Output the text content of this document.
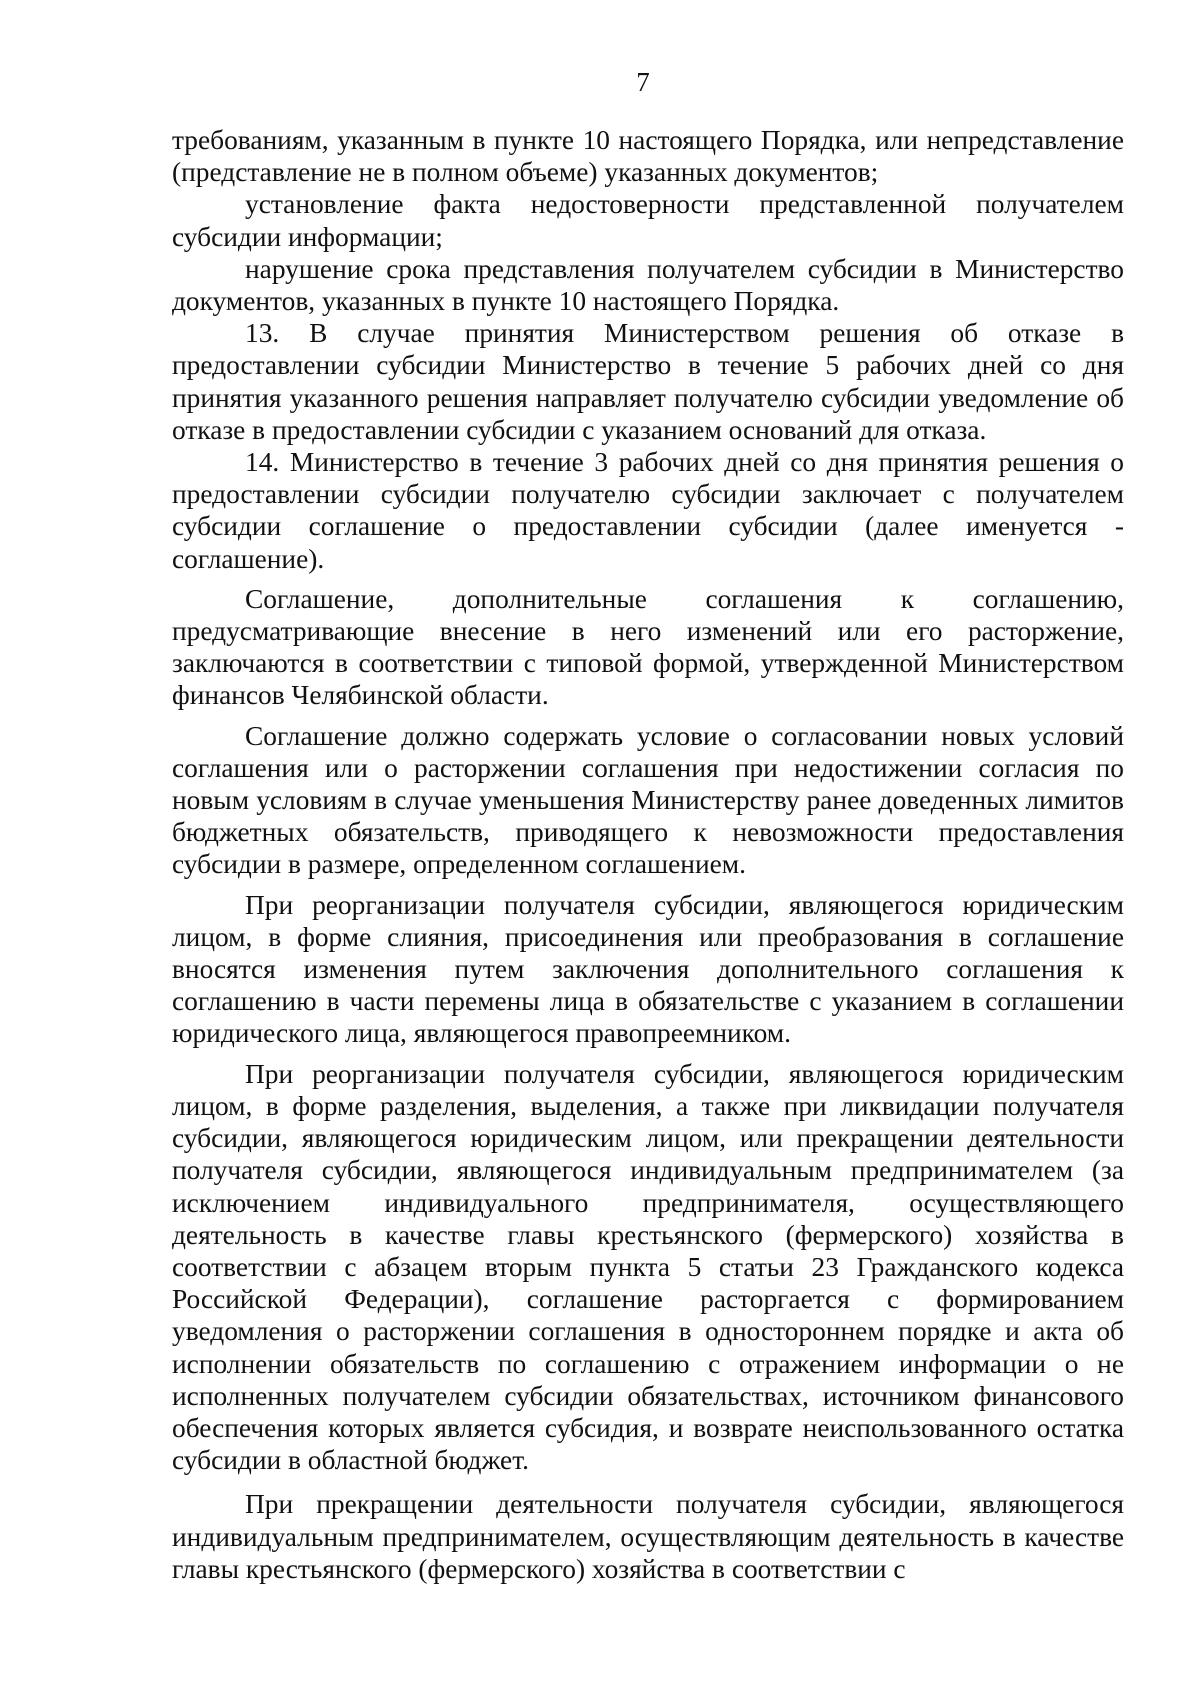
7

требованиям, указанным в пункте 10 настоящего Порядка, или непредставление (представление не в полном объеме) указанных документов;

установление факта недостоверности представленной получателем субсидии информации;

нарушение срока представления получателем субсидии в Министерство документов, указанных в пункте 10 настоящего Порядка.

13. В случае принятия Министерством решения об отказе в предоставлении субсидии Министерство в течение 5 рабочих дней со дня принятия указанного решения направляет получателю субсидии уведомление об отказе в предоставлении субсидии с указанием оснований для отказа.

14. Министерство в течение 3 рабочих дней со дня принятия решения о предоставлении субсидии получателю субсидии заключает с получателем субсидии соглашение о предоставлении субсидии (далее именуется - соглашение).

Соглашение, дополнительные соглашения к соглашению, предусматривающие внесение в него изменений или его расторжение, заключаются в соответствии с типовой формой, утвержденной Министерством финансов Челябинской области.

Соглашение должно содержать условие о согласовании новых условий соглашения или о расторжении соглашения при недостижении согласия по новым условиям в случае уменьшения Министерству ранее доведенных лимитов бюджетных обязательств, приводящего к невозможности предоставления субсидии в размере, определенном соглашением.

При реорганизации получателя субсидии, являющегося юридическим лицом, в форме слияния, присоединения или преобразования в соглашение вносятся изменения путем заключения дополнительного соглашения к соглашению в части перемены лица в обязательстве с указанием в соглашении юридического лица, являющегося правопреемником.

При реорганизации получателя субсидии, являющегося юридическим лицом, в форме разделения, выделения, а также при ликвидации получателя субсидии, являющегося юридическим лицом, или прекращении деятельности получателя субсидии, являющегося индивидуальным предпринимателем (за исключением индивидуального предпринимателя, осуществляющего деятельность в качестве главы крестьянского (фермерского) хозяйства в соответствии с абзацем вторым пункта 5 статьи 23 Гражданского кодекса Российской Федерации), соглашение расторгается с формированием уведомления о расторжении соглашения в одностороннем порядке и акта об исполнении обязательств по соглашению с отражением информации о не исполненных получателем субсидии обязательствах, источником финансового обеспечения которых является субсидия, и возврате неиспользованного остатка субсидии в областной бюджет.

При прекращении деятельности получателя субсидии, являющегося индивидуальным предпринимателем, осуществляющим деятельность в качестве главы крестьянского (фермерского) хозяйства в соответствии с
